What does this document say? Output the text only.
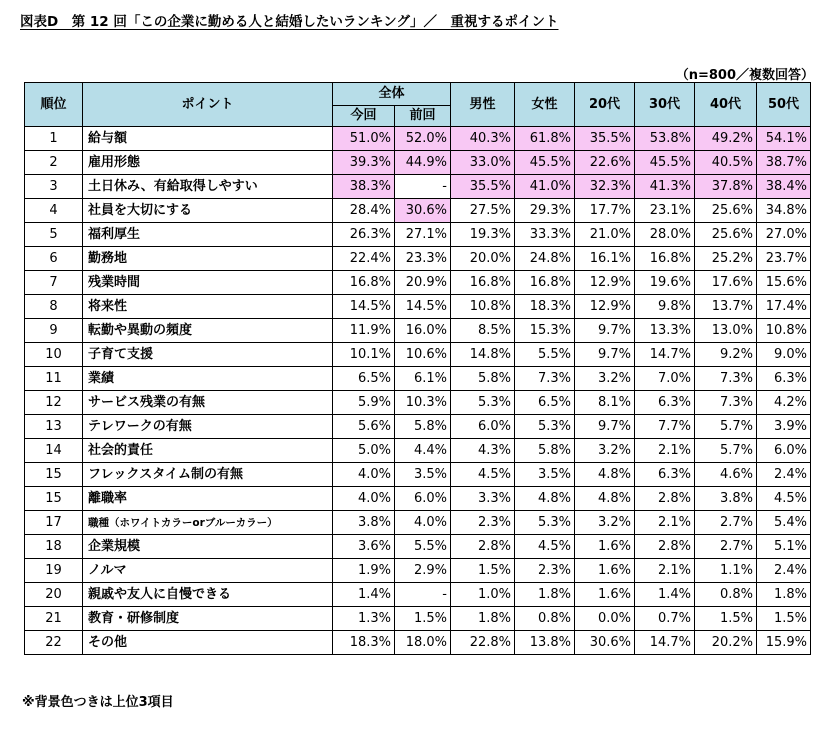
図表D　第 12 回「この企業に勤める人と結婚したいランキング」／　重視するポイント
（n=800／複数回答）
順位	ポイント	全体		男性	女性	20代	30代	40代	50代
		今回	前回						
1	給与額	51.0%	52.0%	40.3%	61.8%	35.5%	53.8%	49.2%	54.1%
2	雇用形態	39.3%	44.9%	33.0%	45.5%	22.6%	45.5%	40.5%	38.7%
3	土日休み、有給取得しやすい	38.3%	-	35.5%	41.0%	32.3%	41.3%	37.8%	38.4%
4	社員を大切にする	28.4%	30.6%	27.5%	29.3%	17.7%	23.1%	25.6%	34.8%
5	福利厚生	26.3%	27.1%	19.3%	33.3%	21.0%	28.0%	25.6%	27.0%
6	勤務地	22.4%	23.3%	20.0%	24.8%	16.1%	16.8%	25.2%	23.7%
7	残業時間	16.8%	20.9%	16.8%	16.8%	12.9%	19.6%	17.6%	15.6%
8	将来性	14.5%	14.5%	10.8%	18.3%	12.9%	9.8%	13.7%	17.4%
9	転勤や異動の頻度	11.9%	16.0%	8.5%	15.3%	9.7%	13.3%	13.0%	10.8%
10	子育て支援	10.1%	10.6%	14.8%	5.5%	9.7%	14.7%	9.2%	9.0%
11	業績	6.5%	6.1%	5.8%	7.3%	3.2%	7.0%	7.3%	6.3%
12	サービス残業の有無	5.9%	10.3%	5.3%	6.5%	8.1%	6.3%	7.3%	4.2%
13	テレワークの有無	5.6%	5.8%	6.0%	5.3%	9.7%	7.7%	5.7%	3.9%
14	社会的責任	5.0%	4.4%	4.3%	5.8%	3.2%	2.1%	5.7%	6.0%
15	フレックスタイム制の有無	4.0%	3.5%	4.5%	3.5%	4.8%	6.3%	4.6%	2.4%
15	離職率	4.0%	6.0%	3.3%	4.8%	4.8%	2.8%	3.8%	4.5%
17	職種（ホワイトカラーorブルーカラー）	3.8%	4.0%	2.3%	5.3%	3.2%	2.1%	2.7%	5.4%
18	企業規模	3.6%	5.5%	2.8%	4.5%	1.6%	2.8%	2.7%	5.1%
19	ノルマ	1.9%	2.9%	1.5%	2.3%	1.6%	2.1%	1.1%	2.4%
20	親戚や友人に自慢できる	1.4%	-	1.0%	1.8%	1.6%	1.4%	0.8%	1.8%
21	教育・研修制度	1.3%	1.5%	1.8%	0.8%	0.0%	0.7%	1.5%	1.5%
22	その他	18.3%	18.0%	22.8%	13.8%	30.6%	14.7%	20.2%	15.9%
※背景色つきは上位3項目
